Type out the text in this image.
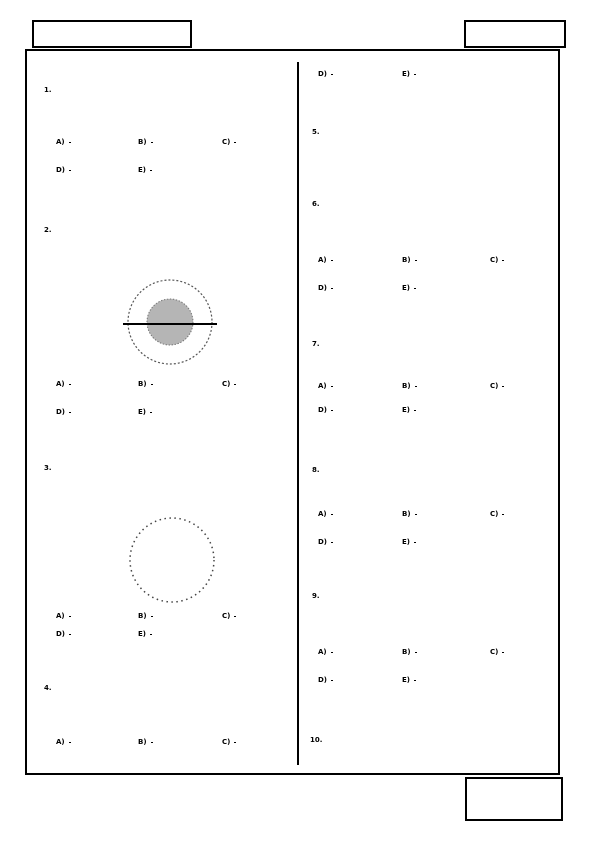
1.
A)	B)	C)
D)	E)
2.
A)	B)	C)
D)	E)
3.
A)	B)	C)
D)	E)
4.
A)	B)	C)
D)	E)
5.
6.
A)	B)	C)
D)	E)
7.
A)	B)	C)
D)	E)
8.
A)	B)	C)
D)	E)
9.
A)	B)	C)
D)	E)
10.
